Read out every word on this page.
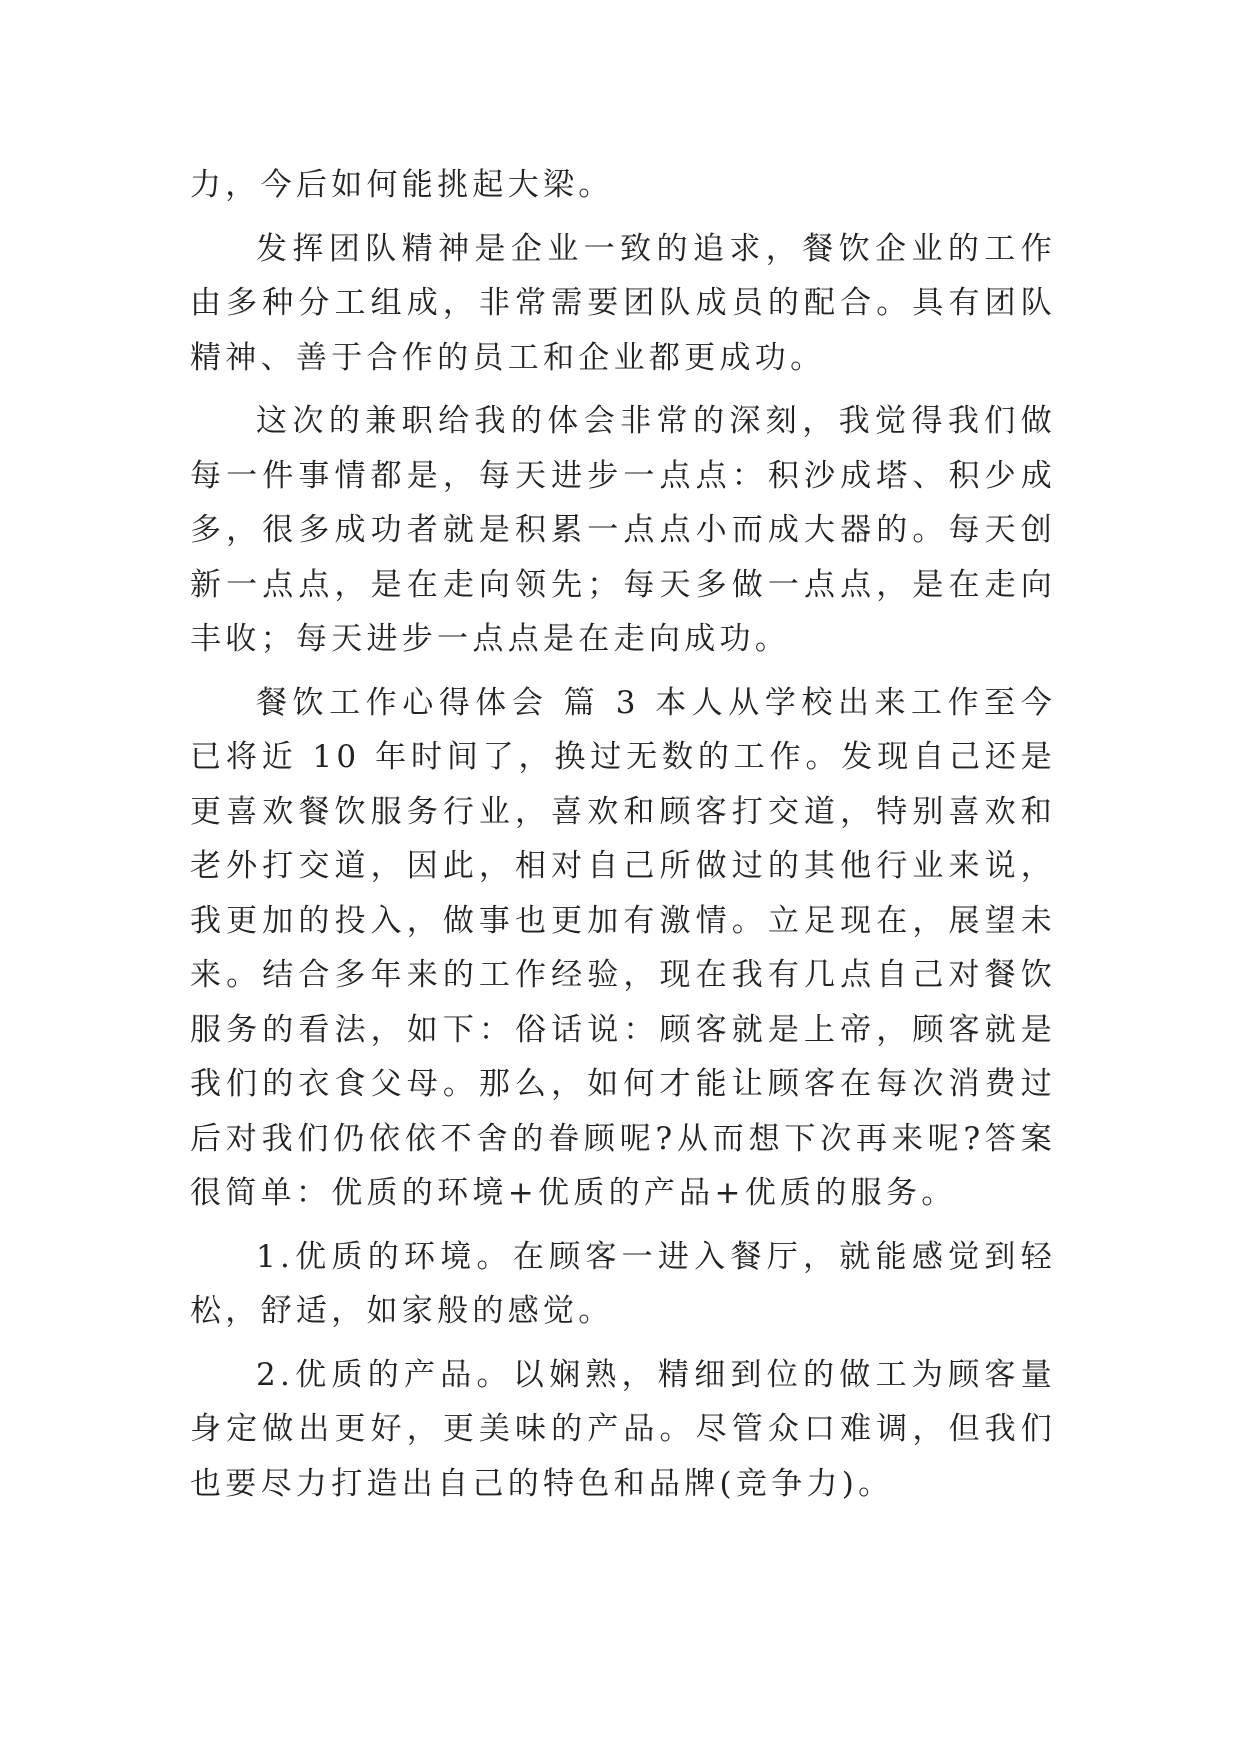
力，今后如何能挑起大梁。

发挥团队精神是企业一致的追求，餐饮企业的工作由多种分工组成，非常需要团队成员的配合。具有团队精神、善于合作的员工和企业都更成功。

这次的兼职给我的体会非常的深刻，我觉得我们做每一件事情都是，每天进步一点点：积沙成塔、积少成多，很多成功者就是积累一点点小而成大器的。每天创新一点点，是在走向领先；每天多做一点点，是在走向丰收；每天进步一点点是在走向成功。

餐饮工作心得体会 篇 3 本人从学校出来工作至今已将近 10 年时间了，换过无数的工作。发现自己还是更喜欢餐饮服务行业，喜欢和顾客打交道，特别喜欢和老外打交道，因此，相对自己所做过的其他行业来说，我更加的投入，做事也更加有激情。立足现在，展望未来。结合多年来的工作经验，现在我有几点自己对餐饮服务的看法，如下：俗话说：顾客就是上帝，顾客就是我们的衣食父母。那么，如何才能让顾客在每次消费过后对我们仍依依不舍的眷顾呢?从而想下次再来呢?答案很简单：优质的环境+优质的产品+优质的服务。

1.优质的环境。在顾客一进入餐厅，就能感觉到轻松，舒适，如家般的感觉。

2.优质的产品。以娴熟，精细到位的做工为顾客量身定做出更好，更美味的产品。尽管众口难调，但我们也要尽力打造出自己的特色和品牌(竞争力)。
